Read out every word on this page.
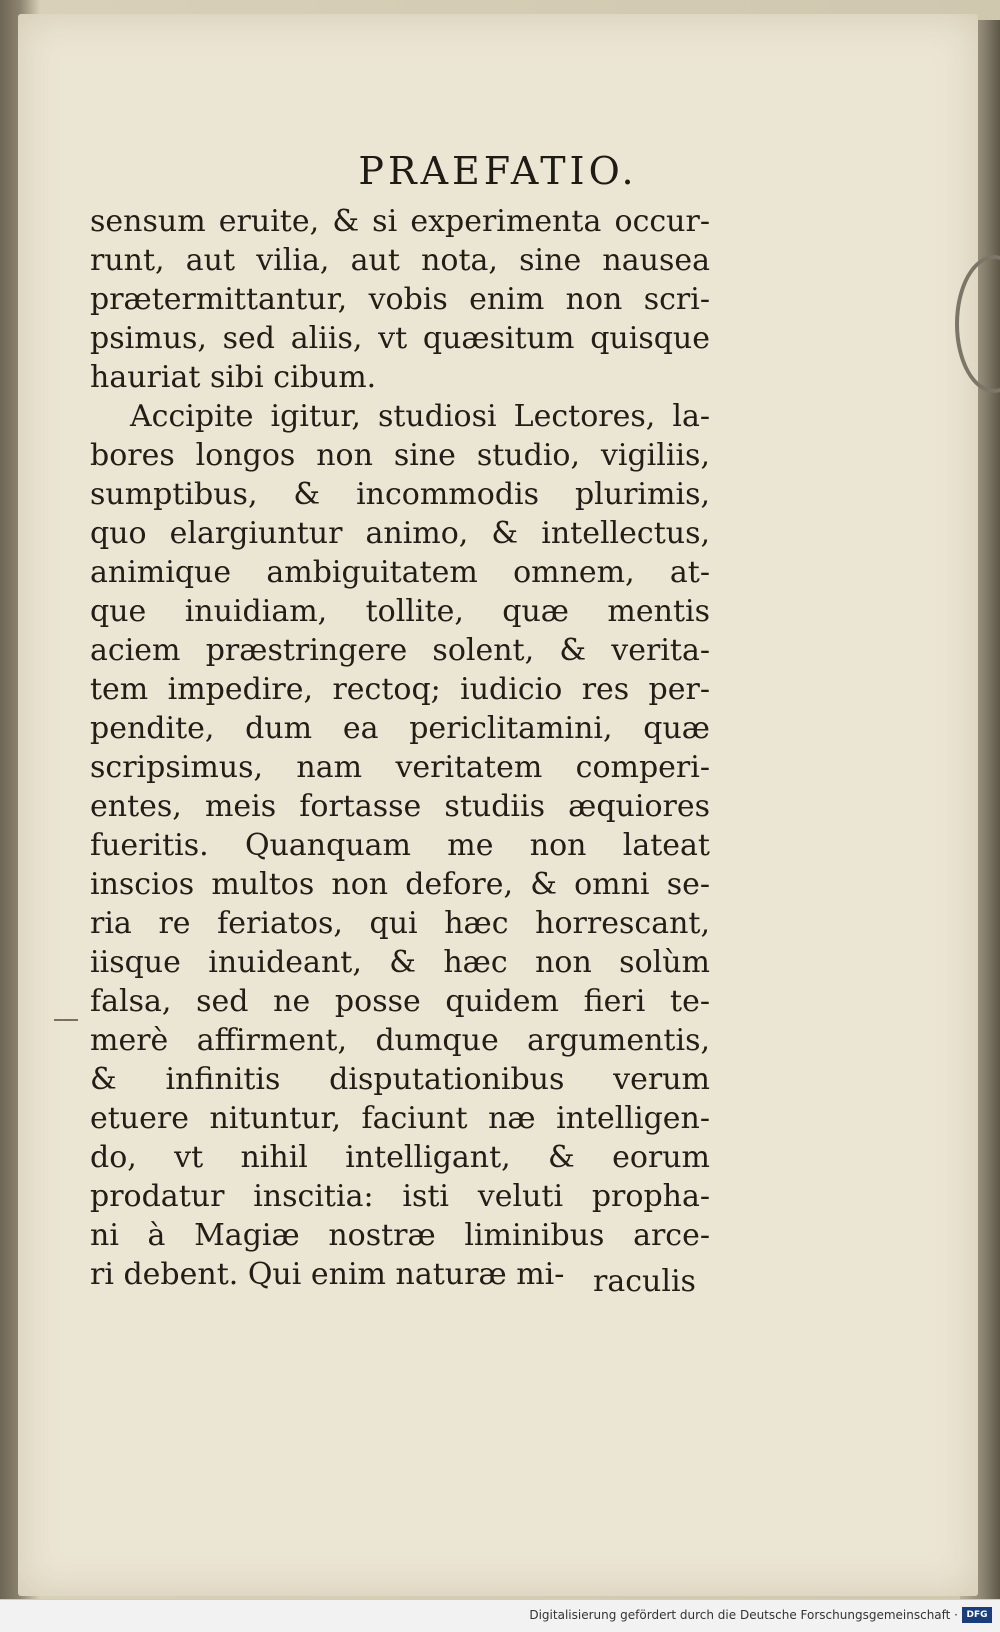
PRAEFATIO.
sensum eruite, & si experimenta occur-
runt, aut vilia, aut nota, sine nausea
prætermittantur, vobis enim non scri-
psimus, sed aliis, vt quæsitum quisque
hauriat sibi cibum.
Accipite igitur, studiosi Lectores, la-
bores longos non sine studio, vigiliis,
sumptibus, & incommodis plurimis,
quo elargiuntur animo, & intellectus,
animique ambiguitatem omnem, at-
que inuidiam, tollite, quæ mentis
aciem præstringere solent, & verita-
tem impedire, rectoq; iudicio res per-
pendite, dum ea periclitamini, quæ
scripsimus, nam veritatem comperi-
entes, meis fortasse studiis æquiores
fueritis. Quanquam me non lateat
inscios multos non defore, & omni se-
ria re feriatos, qui hæc horrescant,
iisque inuideant, & hæc non solùm
falsa, sed ne posse quidem fieri te-
merè affirment, dumque argumentis,
& infinitis disputationibus verum
etuere nituntur, faciunt næ intelligen-
do, vt nihil intelligant, & eorum
prodatur inscitia: isti veluti propha-
ni à Magiæ nostræ liminibus arce-
ri debent. Qui enim naturæ mi- raculis
Digitalisierung gefördert durch die Deutsche Forschungsgemeinschaft · DFG
